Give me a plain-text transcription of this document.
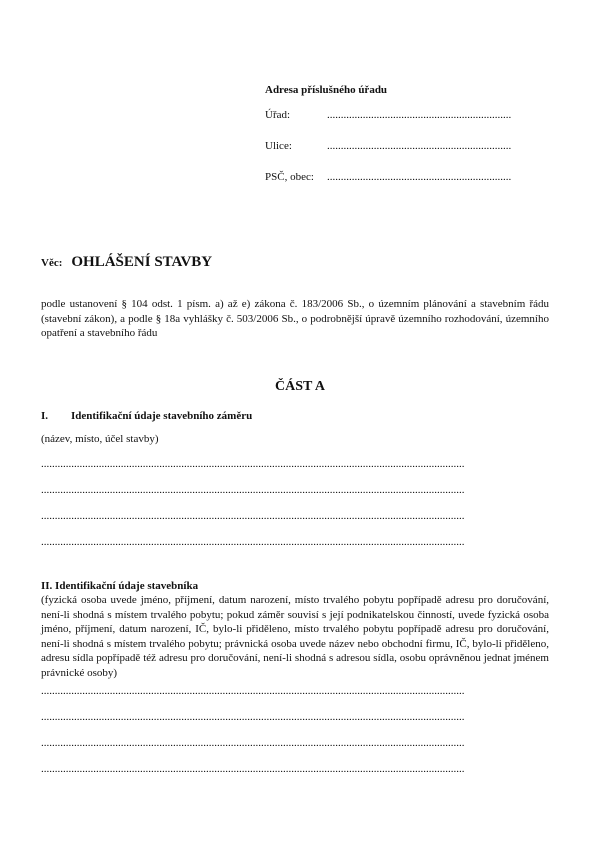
Adresa příslušného úřadu
Úřad:	...................................................................
Ulice:	...................................................................
PSČ, obec:	...................................................................
Věc: OHLÁŠENÍ STAVBY
podle ustanovení § 104 odst. 1 písm. a) až e) zákona č. 183/2006 Sb., o územním plánování a stavebním řádu (stavební zákon), a podle § 18a vyhlášky č. 503/2006 Sb., o podrobnější úpravě územního rozhodování, územního opatření a stavebního řádu
ČÁST A
I.	Identifikační údaje stavebního záměru
(název, místo, účel stavby)
..........................................................................................................................................................
..........................................................................................................................................................
..........................................................................................................................................................
..........................................................................................................................................................
II. Identifikační údaje stavebníka
(fyzická osoba uvede jméno, příjmení, datum narození, místo trvalého pobytu popřípadě adresu pro doručování, není-li shodná s místem trvalého pobytu; pokud záměr souvisí s její podnikatelskou činností, uvede fyzická osoba jméno, příjmení, datum narození, IČ, bylo-li přiděleno, místo trvalého pobytu popřípadě adresu pro doručování, není-li shodná s místem trvalého pobytu; právnická osoba uvede název nebo obchodní firmu, IČ, bylo-li přiděleno, adresu sídla popřípadě též adresu pro doručování, není-li shodná s adresou sídla, osobu oprávněnou jednat jménem právnické osoby)
..........................................................................................................................................................
..........................................................................................................................................................
..........................................................................................................................................................
..........................................................................................................................................................
